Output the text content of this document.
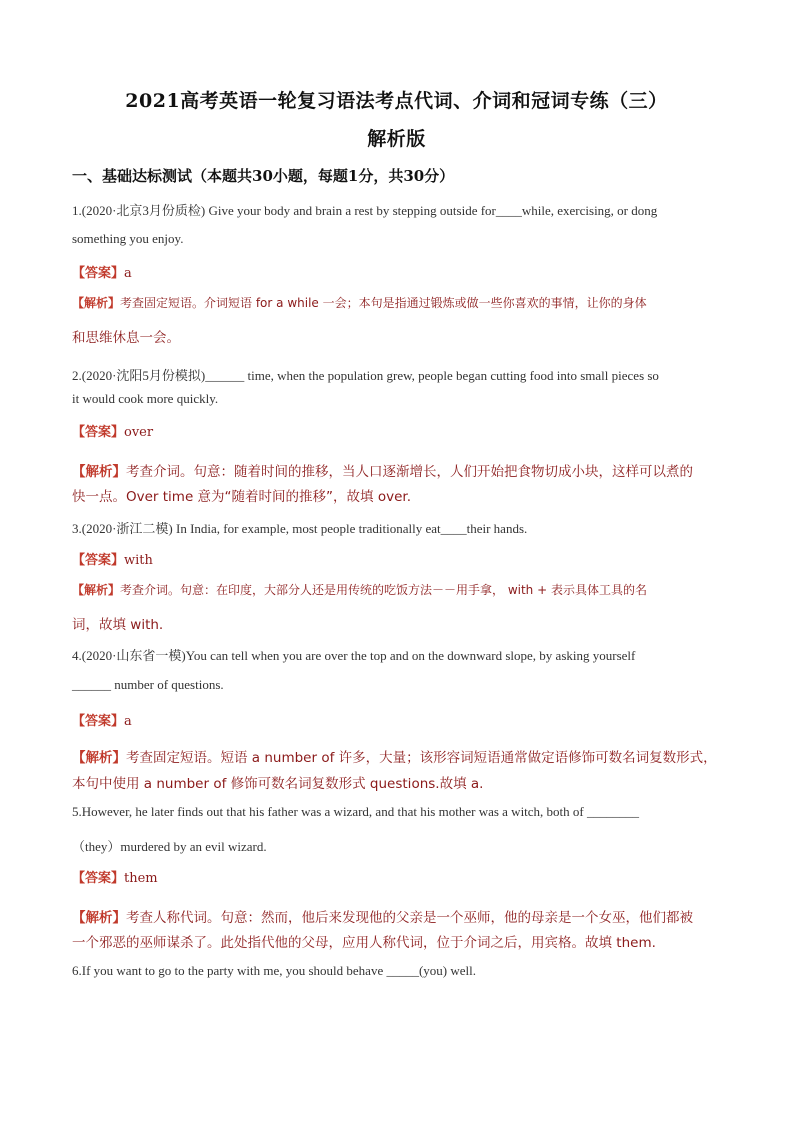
2021高考英语一轮复习语法考点代词、介词和冠词专练（三）
解析版
一、基础达标测试（本题共30小题，每题1分，共30分）
1.(2020·北京3月份质检) Give your body and brain a rest by stepping outside for____while, exercising, or dong
something you enjoy.
【答案】a
【解析】考查固定短语。介词短语 for a while 一会；本句是指通过锻炼或做一些你喜欢的事情，让你的身体
和思维休息一会。
2.(2020·沈阳5月份模拟)______ time, when the population grew, people began cutting food into small pieces so
it would cook more quickly.
【答案】over
【解析】考查介词。句意：随着时间的推移，当人口逐渐增长，人们开始把食物切成小块，这样可以煮的
快一点。Over time 意为“随着时间的推移”，故填 over.
3.(2020·浙江二模) In India, for example, most people traditionally eat____their hands.
【答案】with
【解析】考查介词。句意：在印度，大部分人还是用传统的吃饭方法－－用手拿， with + 表示具体工具的名
词，故填 with.
4.(2020·山东省一模)You can tell when you are over the top and on the downward slope, by asking yourself
______ number of questions.
【答案】a
【解析】考查固定短语。短语 a number of 许多，大量；该形容词短语通常做定语修饰可数名词复数形式，
本句中使用 a number of 修饰可数名词复数形式 questions.故填 a.
5.However, he later finds out that his father was a wizard, and that his mother was a witch, both of ________
（they）murdered by an evil wizard.
【答案】them
【解析】考查人称代词。句意：然而，他后来发现他的父亲是一个巫师，他的母亲是一个女巫，他们都被
一个邪恶的巫师谋杀了。此处指代他的父母，应用人称代词，位于介词之后，用宾格。故填 them.
6.If you want to go to the party with me, you should behave _____(you) well.
